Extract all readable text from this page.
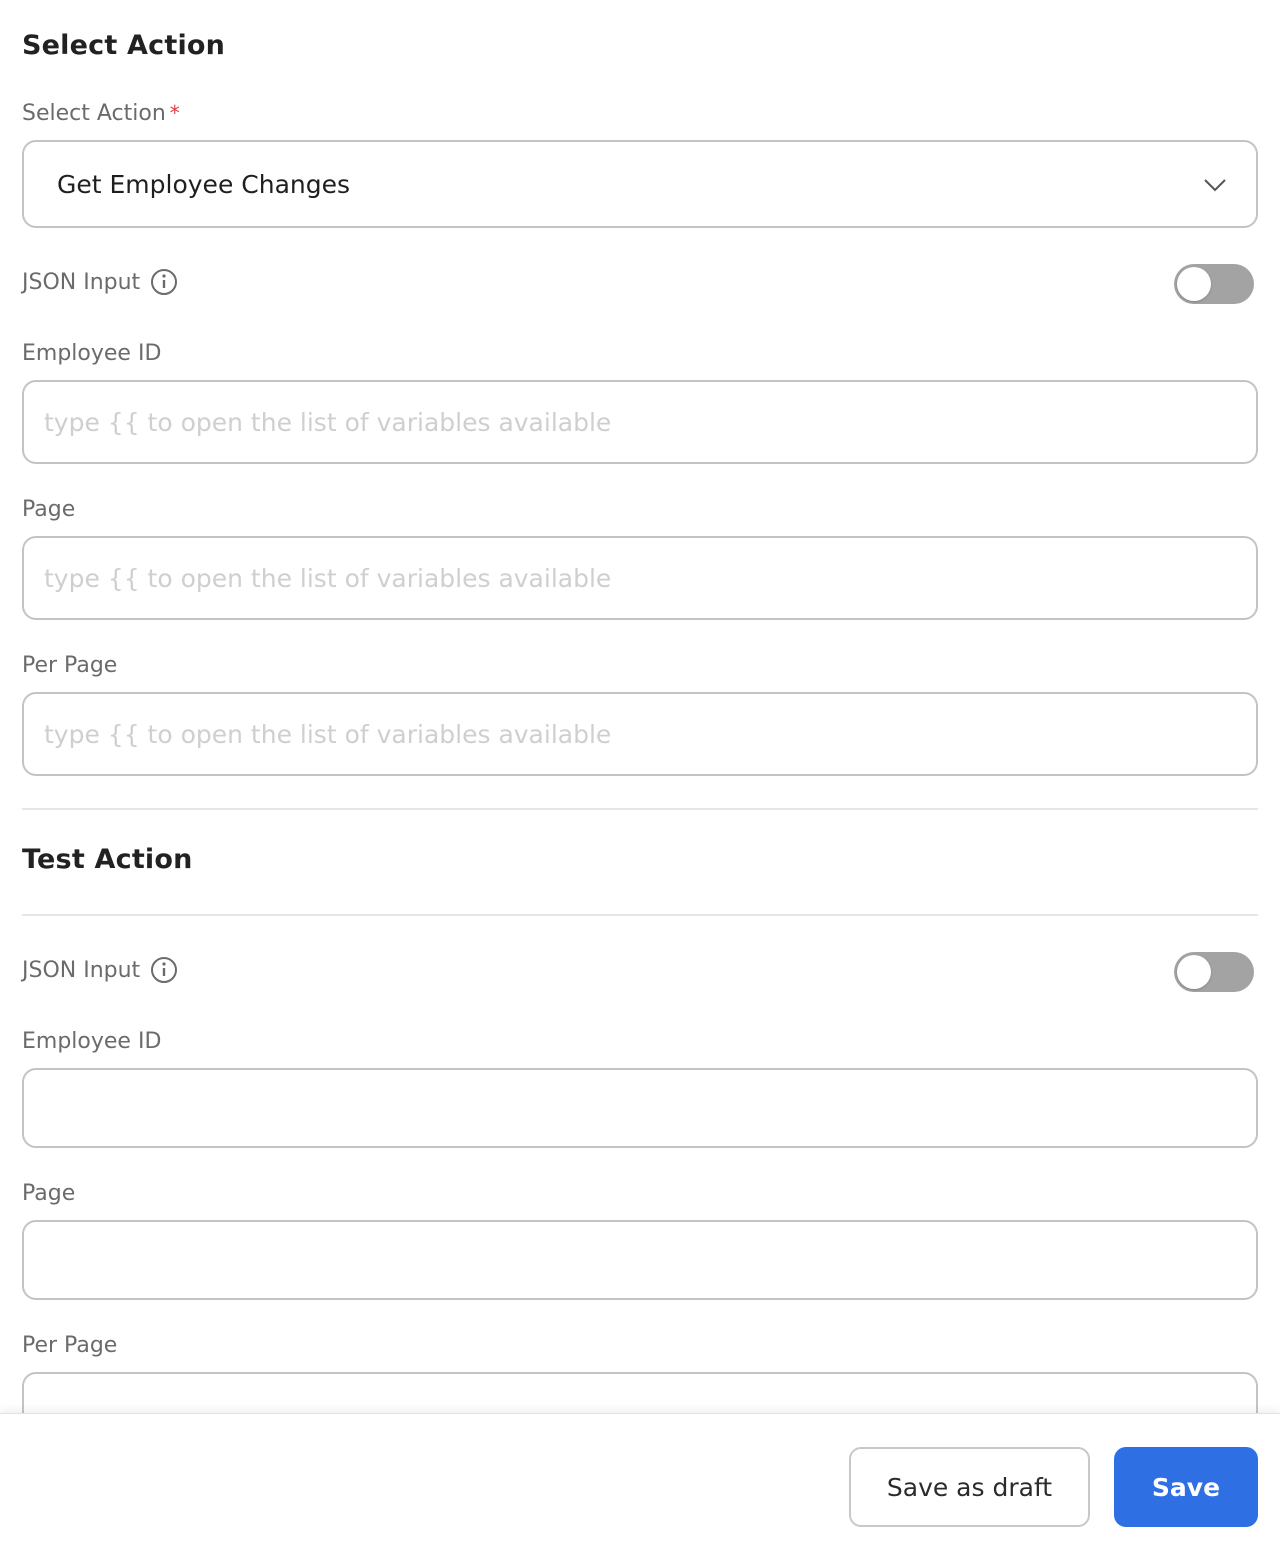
Select Action
Select Action *
Get Employee Changes
JSON Input
Employee ID
type {{ to open the list of variables available
Page
type {{ to open the list of variables available
Per Page
type {{ to open the list of variables available
Test Action
JSON Input
Employee ID
Page
Per Page
Save as draft	Save
